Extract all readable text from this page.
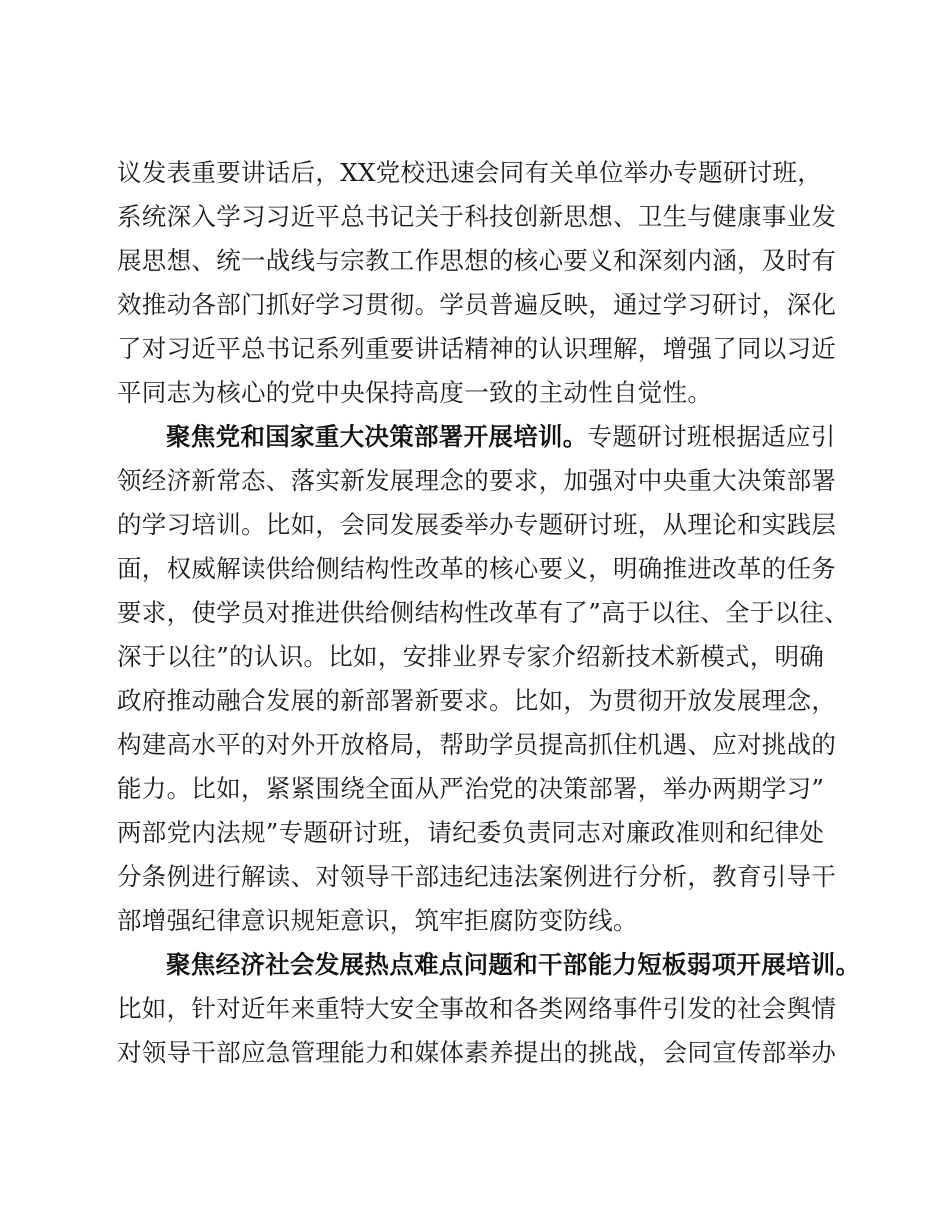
议发表重要讲话后，XX党校迅速会同有关单位举办专题研讨班，
系统深入学习习近平总书记关于科技创新思想、卫生与健康事业发
展思想、统一战线与宗教工作思想的核心要义和深刻内涵，及时有
效推动各部门抓好学习贯彻。学员普遍反映，通过学习研讨，深化
了对习近平总书记系列重要讲话精神的认识理解，增强了同以习近
平同志为核心的党中央保持高度一致的主动性自觉性。
聚焦党和国家重大决策部署开展培训。专题研讨班根据适应引
领经济新常态、落实新发展理念的要求，加强对中央重大决策部署
的学习培训。比如，会同发展委举办专题研讨班，从理论和实践层
面，权威解读供给侧结构性改革的核心要义，明确推进改革的任务
要求，使学员对推进供给侧结构性改革有了”高于以往、全于以往、
深于以往”的认识。比如，安排业界专家介绍新技术新模式，明确
政府推动融合发展的新部署新要求。比如，为贯彻开放发展理念，
构建高水平的对外开放格局，帮助学员提高抓住机遇、应对挑战的
能力。比如，紧紧围绕全面从严治党的决策部署，举办两期学习”
两部党内法规”专题研讨班，请纪委负责同志对廉政准则和纪律处
分条例进行解读、对领导干部违纪违法案例进行分析，教育引导干
部增强纪律意识规矩意识，筑牢拒腐防变防线。
聚焦经济社会发展热点难点问题和干部能力短板弱项开展培训。
比如，针对近年来重特大安全事故和各类网络事件引发的社会舆情
对领导干部应急管理能力和媒体素养提出的挑战，会同宣传部举办
